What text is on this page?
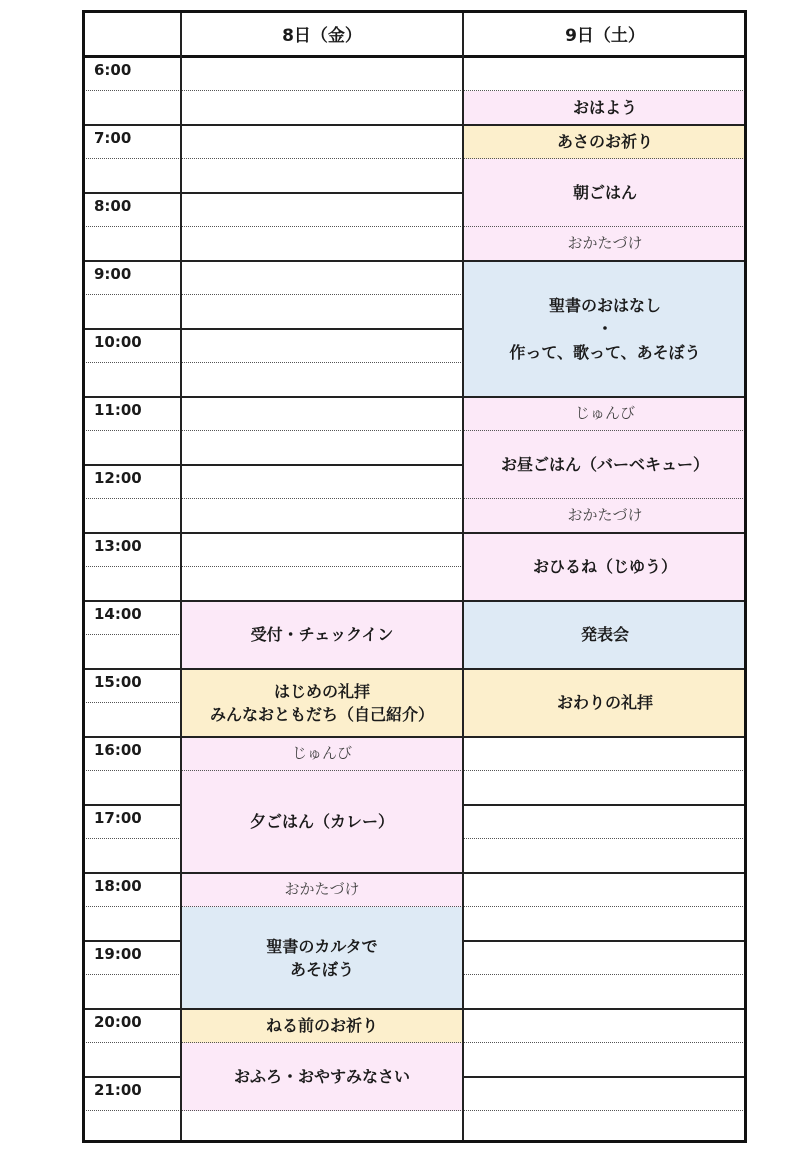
8日（金）	9日（土）
6:00
7:00
8:00
9:00
10:00
11:00
12:00
13:00
14:00
15:00
16:00
17:00
18:00
19:00
20:00
21:00
受付・チェックイン
はじめの礼拝
みんなおともだち（自己紹介）
じゅんび
夕ごはん（カレー）
おかたづけ
聖書のカルタで
あそぼう
ねる前のお祈り
おふろ・おやすみなさい
おはよう
あさのお祈り
朝ごはん
おかたづけ
聖書のおはなし
・
作って、歌って、あそぼう
じゅんび
お昼ごはん（バーベキュー）
おかたづけ
おひるね（じゆう）
発表会
おわりの礼拝
